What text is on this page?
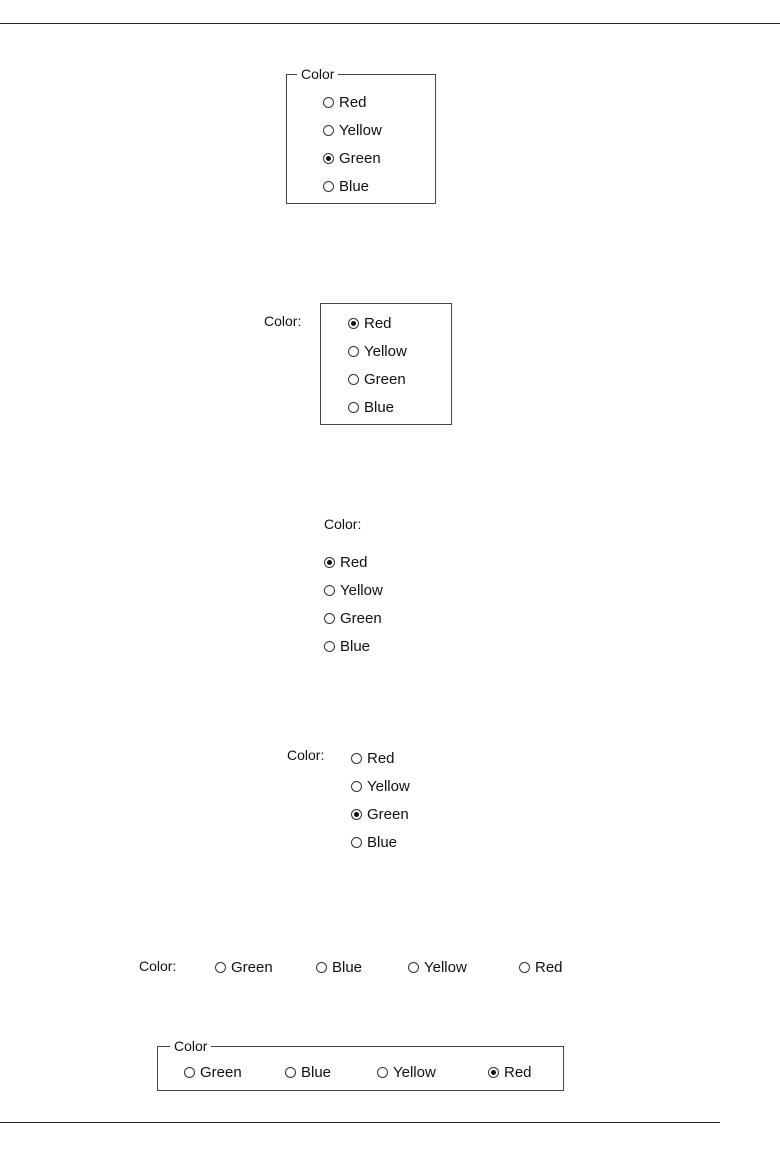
Color
Red
Yellow
Green
Blue
Color:	Red
Yellow
Green
Blue
Color:
Red
Yellow
Green
Blue
Color:	Red
Yellow
Green
Blue
Color:	Green	Blue	Yellow	Red
Color
Green	Blue	Yellow	Red
